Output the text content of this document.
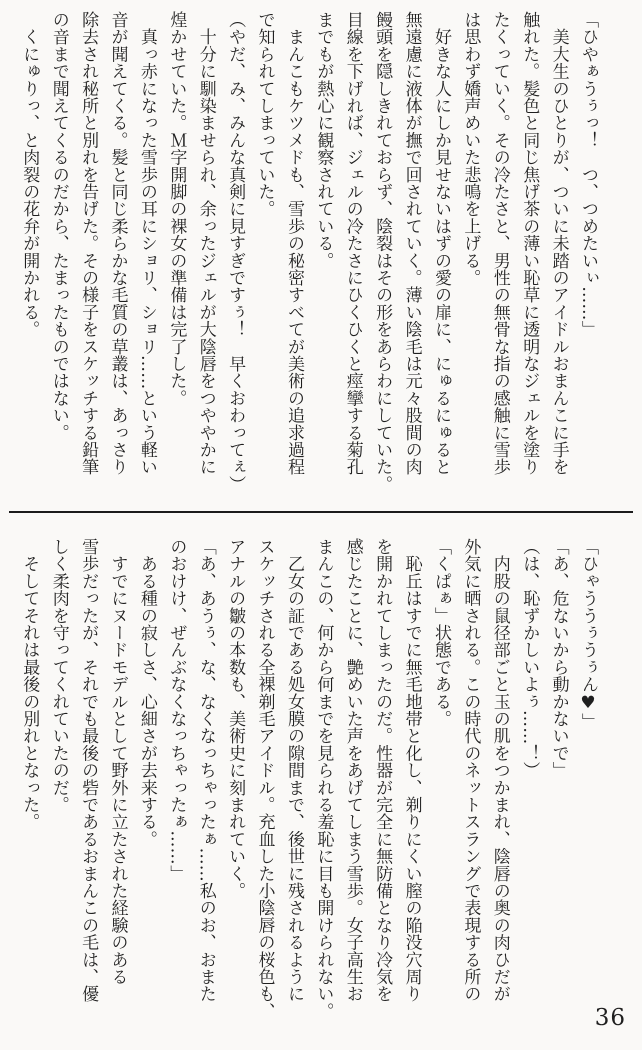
「ひやぁうぅっ！　つ、つめたいぃ……」

　美大生のひとりが、ついに未踏のアイドルおまんこに手を

触れた。髪色と同じ焦げ茶の薄い恥草に透明なジェルを塗り

たくっていく。その冷たさと、男性の無骨な指の感触に雪歩

は思わず嬌声めいた悲鳴を上げる。

　好きな人にしか見せないはずの愛の扉に、にゅるにゅると

無遠慮に液体が撫で回されていく。薄い陰毛は元々股間の肉

饅頭を隠しきれておらず、陰裂はその形をあらわにしていた。

目線を下げれば、ジェルの冷たさにひくひくと痙攣する菊孔

までもが熱心に観察されている。

　まんこもケツメドも、雪歩の秘密すべてが美術の追求過程

で知られてしまっていた。

（やだ、み、みんな真剣に見すぎですぅ！　早くおわってぇ）

　十分に馴染ませられ、余ったジェルが大陰唇をつややかに

煌かせていた。Ｍ字開脚の裸女の準備は完了した。

　真っ赤になった雪歩の耳にショリ、ショリ……という軽い

音が聞えてくる。髪と同じ柔らかな毛質の草叢は、あっさり

除去され秘所と別れを告げた。その様子をスケッチする鉛筆

の音まで聞えてくるのだから、たまったものではない。

　くにゅりっ、と肉裂の花弁が開かれる。

「ひゃううぅうぅん♥」

「あ、危ないから動かないで」

（は、恥ずかしいよぅ……！）

　内股の鼠径部ごと玉の肌をつかまれ、陰唇の奥の肉ひだが

外気に晒される。この時代のネットスラングで表現する所の

「くぱぁ」状態である。

　恥丘はすでに無毛地帯と化し、剃りにくい膣の陥没穴周り

を開かれてしまったのだ。性器が完全に無防備となり冷気を

感じたことに、艶めいた声をあげてしまう雪歩。女子高生お

まんこの、何から何までを見られる羞恥に目も開けられない。

　乙女の証である処女膜の隙間まで、後世に残されるように

スケッチされる全裸剃毛アイドル。充血した小陰唇の桜色も、

アナルの皺の本数も、美術史に刻まれていく。

「あ、あうぅ、な、なくなっちゃったぁ……私のお、おまた

のおけけ、ぜんぶなくなっちゃったぁ……」

　ある種の寂しさ、心細さが去来する。

　すでにヌードモデルとして野外に立たされた経験のある

雪歩だったが、それでも最後の砦であるおまんこの毛は、優

しく柔肉を守ってくれていたのだ。

　そしてそれは最後の別れとなった。

36
